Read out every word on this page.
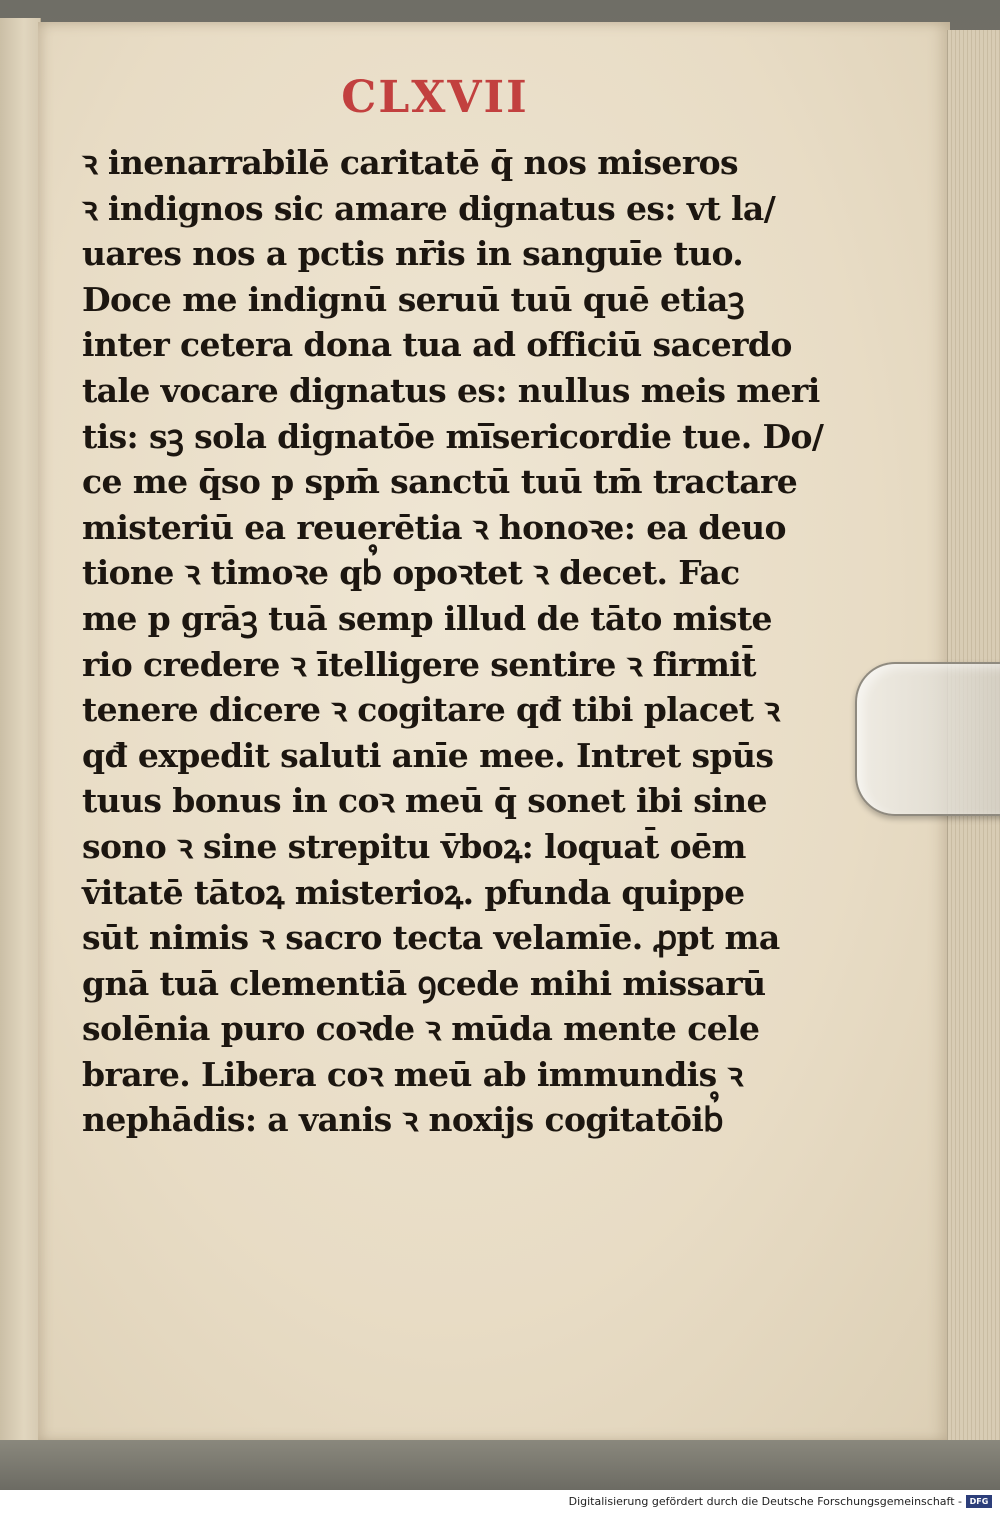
CLXVII
ꝛ inenarrabilē caritatē q̄ nos miseros
ꝛ indignos sic amare dignatus es: vt la/
uares nos a pctis nr̄is in sanguīe tuo.
Doce me indignū seruū tuū quē etiaꝫ
inter cetera dona tua ad officiū sacerdo
tale vocare dignatus es: nullus meis meri
tis: sꝫ sola dignatōe mi̅sericordie tue. Do/
ce me q̄so p spm̄ sanctū tuū tm̄ tractare
misteriū ea reuerētia ꝛ honoꝛe: ea deuo
tione ꝛ timoꝛe qb᷒ opoꝛtet ꝛ decet. Fac
me p grāꝫ tuā semp illud de tāto miste
rio credere ꝛ ītelligere sentire ꝛ firmit̄
tenere dicere ꝛ cogitare qđ tibi placet ꝛ
qđ expedit saluti anīe mee. Intret spūs
tuus bonus in coꝛ meū q̄ sonet ibi sine
sono ꝛ sine strepitu v̄boꝝ: loquat̄ oēm
v̄itatē tātoꝝ misterioꝝ. pfunda quippe
sūt nimis ꝛ sacro tecta velamīe. ꝓpt ma
gnā tuā clementiā ꝯcede mihi missarū
solēnia puro coꝛde ꝛ mūda mente cele
brare. Libera coꝛ meū ab immundis ꝛ
nephādis: a vanis ꝛ noxijs cogitatōib᷒
Digitalisierung gefördert durch die Deutsche Forschungsgemeinschaft - DFG
